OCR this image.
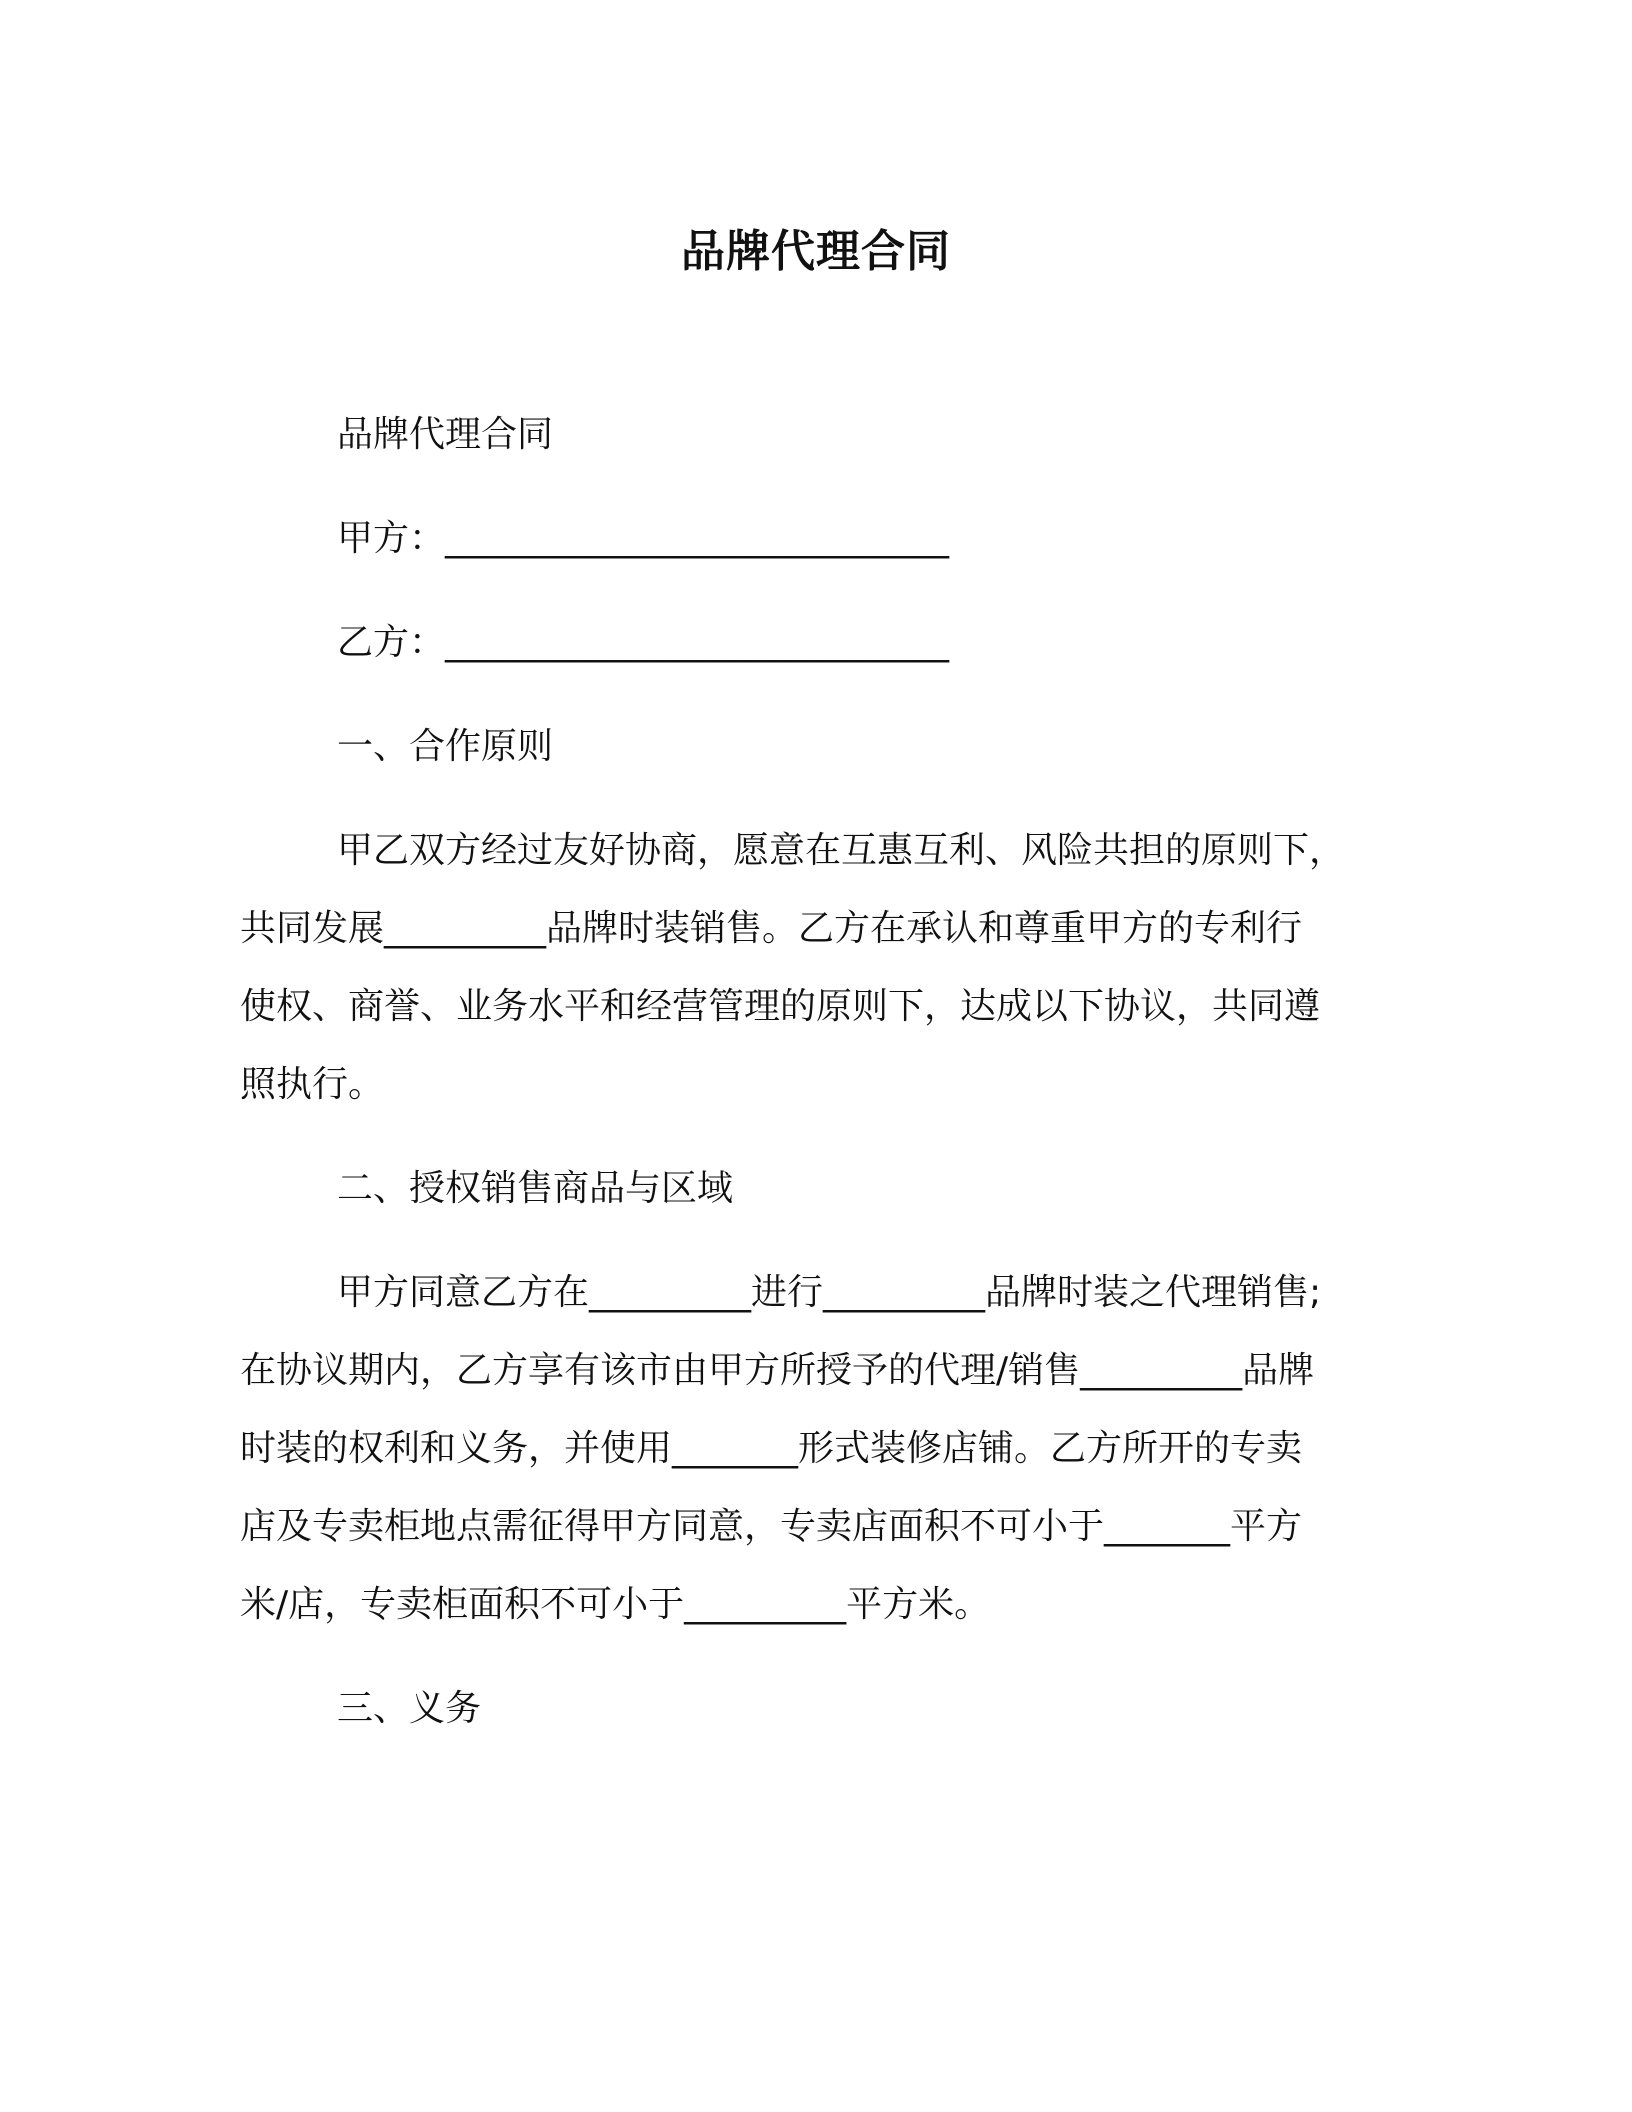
品牌代理合同
品牌代理合同
甲方：____________________________
乙方：____________________________
一、合作原则
甲乙双方经过友好协商，愿意在互惠互利、风险共担的原则下，
共同发展_________品牌时装销售。乙方在承认和尊重甲方的专利行
使权、商誉、业务水平和经营管理的原则下，达成以下协议，共同遵
照执行。
二、授权销售商品与区域
甲方同意乙方在_________进行_________品牌时装之代理销售;
在协议期内，乙方享有该市由甲方所授予的代理/销售_________品牌
时装的权利和义务，并使用_______形式装修店铺。乙方所开的专卖
店及专卖柜地点需征得甲方同意，专卖店面积不可小于_______平方
米/店，专卖柜面积不可小于_________平方米。
三、义务
